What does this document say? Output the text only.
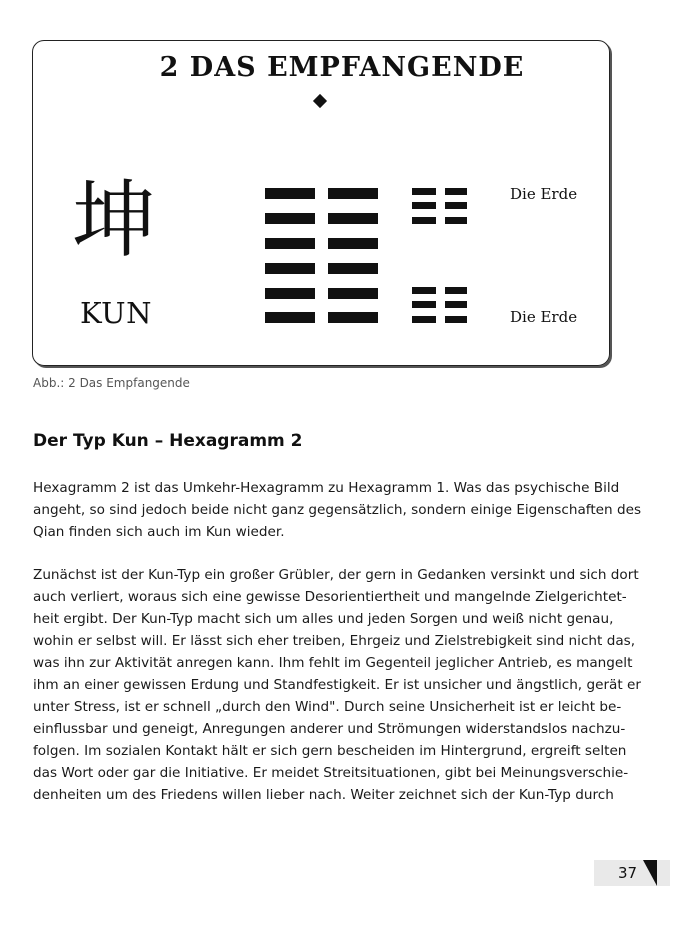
2 DAS EMPFANGENDE
坤
KUN
Die Erde
Die Erde
Abb.: 2 Das Empfangende
Der Typ Kun – Hexagramm 2
Hexagramm 2 ist das Umkehr-Hexagramm zu Hexagramm 1. Was das psychische Bild
angeht, so sind jedoch beide nicht ganz gegensätzlich, sondern einige Eigenschaften des
Qian finden sich auch im Kun wieder.
Zunächst ist der Kun-Typ ein großer Grübler, der gern in Gedanken versinkt und sich dort
auch verliert, woraus sich eine gewisse Desorientiertheit und mangelnde Zielgerichtet-
heit ergibt. Der Kun-Typ macht sich um alles und jeden Sorgen und weiß nicht genau,
wohin er selbst will. Er lässt sich eher treiben, Ehrgeiz und Zielstrebigkeit sind nicht das,
was ihn zur Aktivität anregen kann. Ihm fehlt im Gegenteil jeglicher Antrieb, es mangelt
ihm an einer gewissen Erdung und Standfestigkeit. Er ist unsicher und ängstlich, gerät er
unter Stress, ist er schnell „durch den Wind". Durch seine Unsicherheit ist er leicht be-
einflussbar und geneigt, Anregungen anderer und Strömungen widerstandslos nachzu-
folgen. Im sozialen Kontakt hält er sich gern bescheiden im Hintergrund, ergreift selten
das Wort oder gar die Initiative. Er meidet Streitsituationen, gibt bei Meinungsverschie-
denheiten um des Friedens willen lieber nach. Weiter zeichnet sich der Kun-Typ durch
37
